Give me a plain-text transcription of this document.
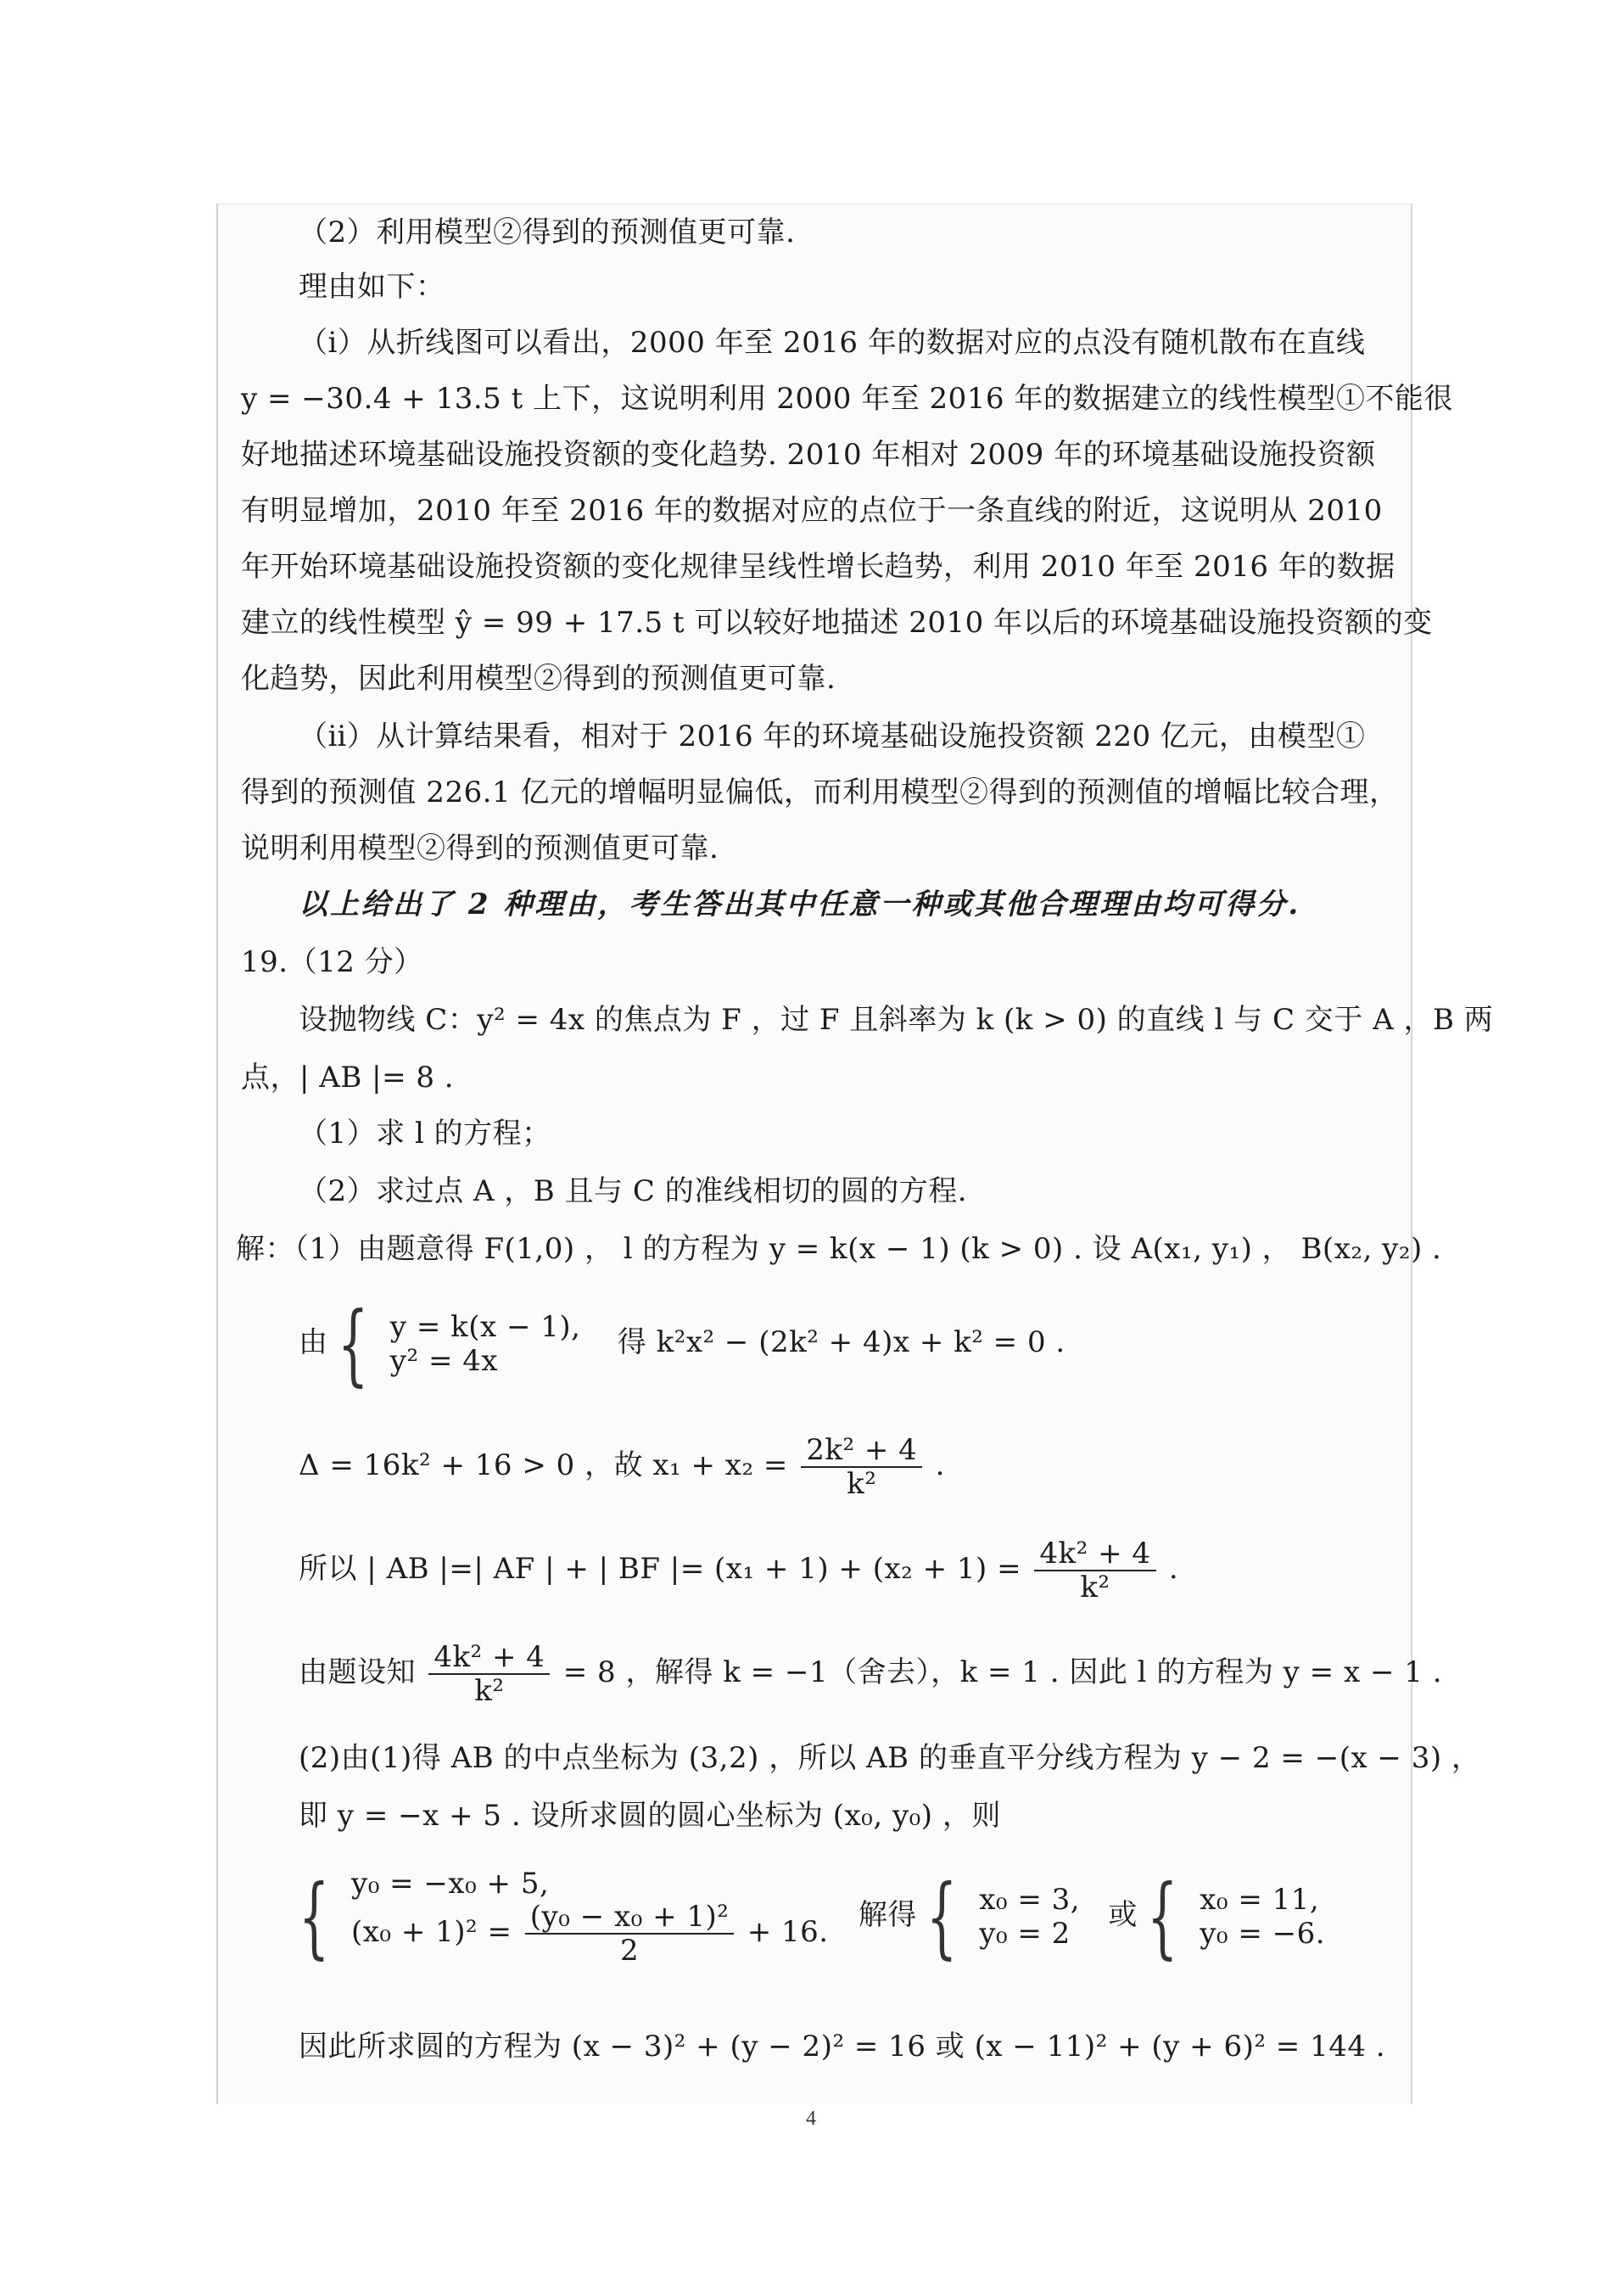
（2）利用模型②得到的预测值更可靠.
理由如下：
（ⅰ）从折线图可以看出，2000 年至 2016 年的数据对应的点没有随机散布在直线
y = −30.4 + 13.5 t 上下，这说明利用 2000 年至 2016 年的数据建立的线性模型①不能很
好地描述环境基础设施投资额的变化趋势. 2010 年相对 2009 年的环境基础设施投资额
有明显增加，2010 年至 2016 年的数据对应的点位于一条直线的附近，这说明从 2010
年开始环境基础设施投资额的变化规律呈线性增长趋势，利用 2010 年至 2016 年的数据
建立的线性模型 ŷ = 99 + 17.5 t 可以较好地描述 2010 年以后的环境基础设施投资额的变
化趋势，因此利用模型②得到的预测值更可靠.
（ⅱ）从计算结果看，相对于 2016 年的环境基础设施投资额 220 亿元，由模型①
得到的预测值 226.1 亿元的增幅明显偏低，而利用模型②得到的预测值的增幅比较合理，
说明利用模型②得到的预测值更可靠.
以上给出了 2 种理由，考生答出其中任意一种或其他合理理由均可得分.
19.（12 分）
设抛物线 C：y² = 4x 的焦点为 F ，过 F 且斜率为 k (k > 0) 的直线 l 与 C 交于 A ，B 两
点，| AB |= 8 .
（1）求 l 的方程；
（2）求过点 A ，B 且与 C 的准线相切的圆的方程.
解：（1）由题意得 F(1,0) ， l 的方程为 y = k(x − 1) (k > 0) . 设 A(x₁, y₁) ， B(x₂, y₂) .
由 { y = k(x − 1),
y² = 4x
得 k²x² − (2k² + 4)x + k² = 0 .
Δ = 16k² + 16 > 0 ，故 $x_1 + x_2 = \frac{\text{2k² + 4}}{\text{k²}}$ .
所以 | AB |=| AF | + | BF |= $(x_1 + 1) + (x_2 + 1) = \frac{\text{4k² + 4}}{\text{k²}}$ .
由题设知 $\frac{\text{4k² + 4}}{\text{k²}} = 8$ ，解得 k = −1（舍去），k = 1 . 因此 l 的方程为 y = x − 1 .
(2)由(1)得 AB 的中点坐标为 (3,2) ，所以 AB 的垂直平分线方程为 y − 2 = −(x − 3) ，
即 y = −x + 5 . 设所求圆的圆心坐标为 (x₀, y₀) ，则
{ y₀ = −x₀ + 5,
$(x_0 + 1)^2 = \frac{\text{(y₀ − x₀ + 1)²}}{2} + 16$. 解得 { x₀ = 3,
y₀ = 2
或 { x₀ = 11,
y₀ = −6.
因此所求圆的方程为 (x − 3)² + (y − 2)² = 16 或 (x − 11)² + (y + 6)² = 144 .
4
